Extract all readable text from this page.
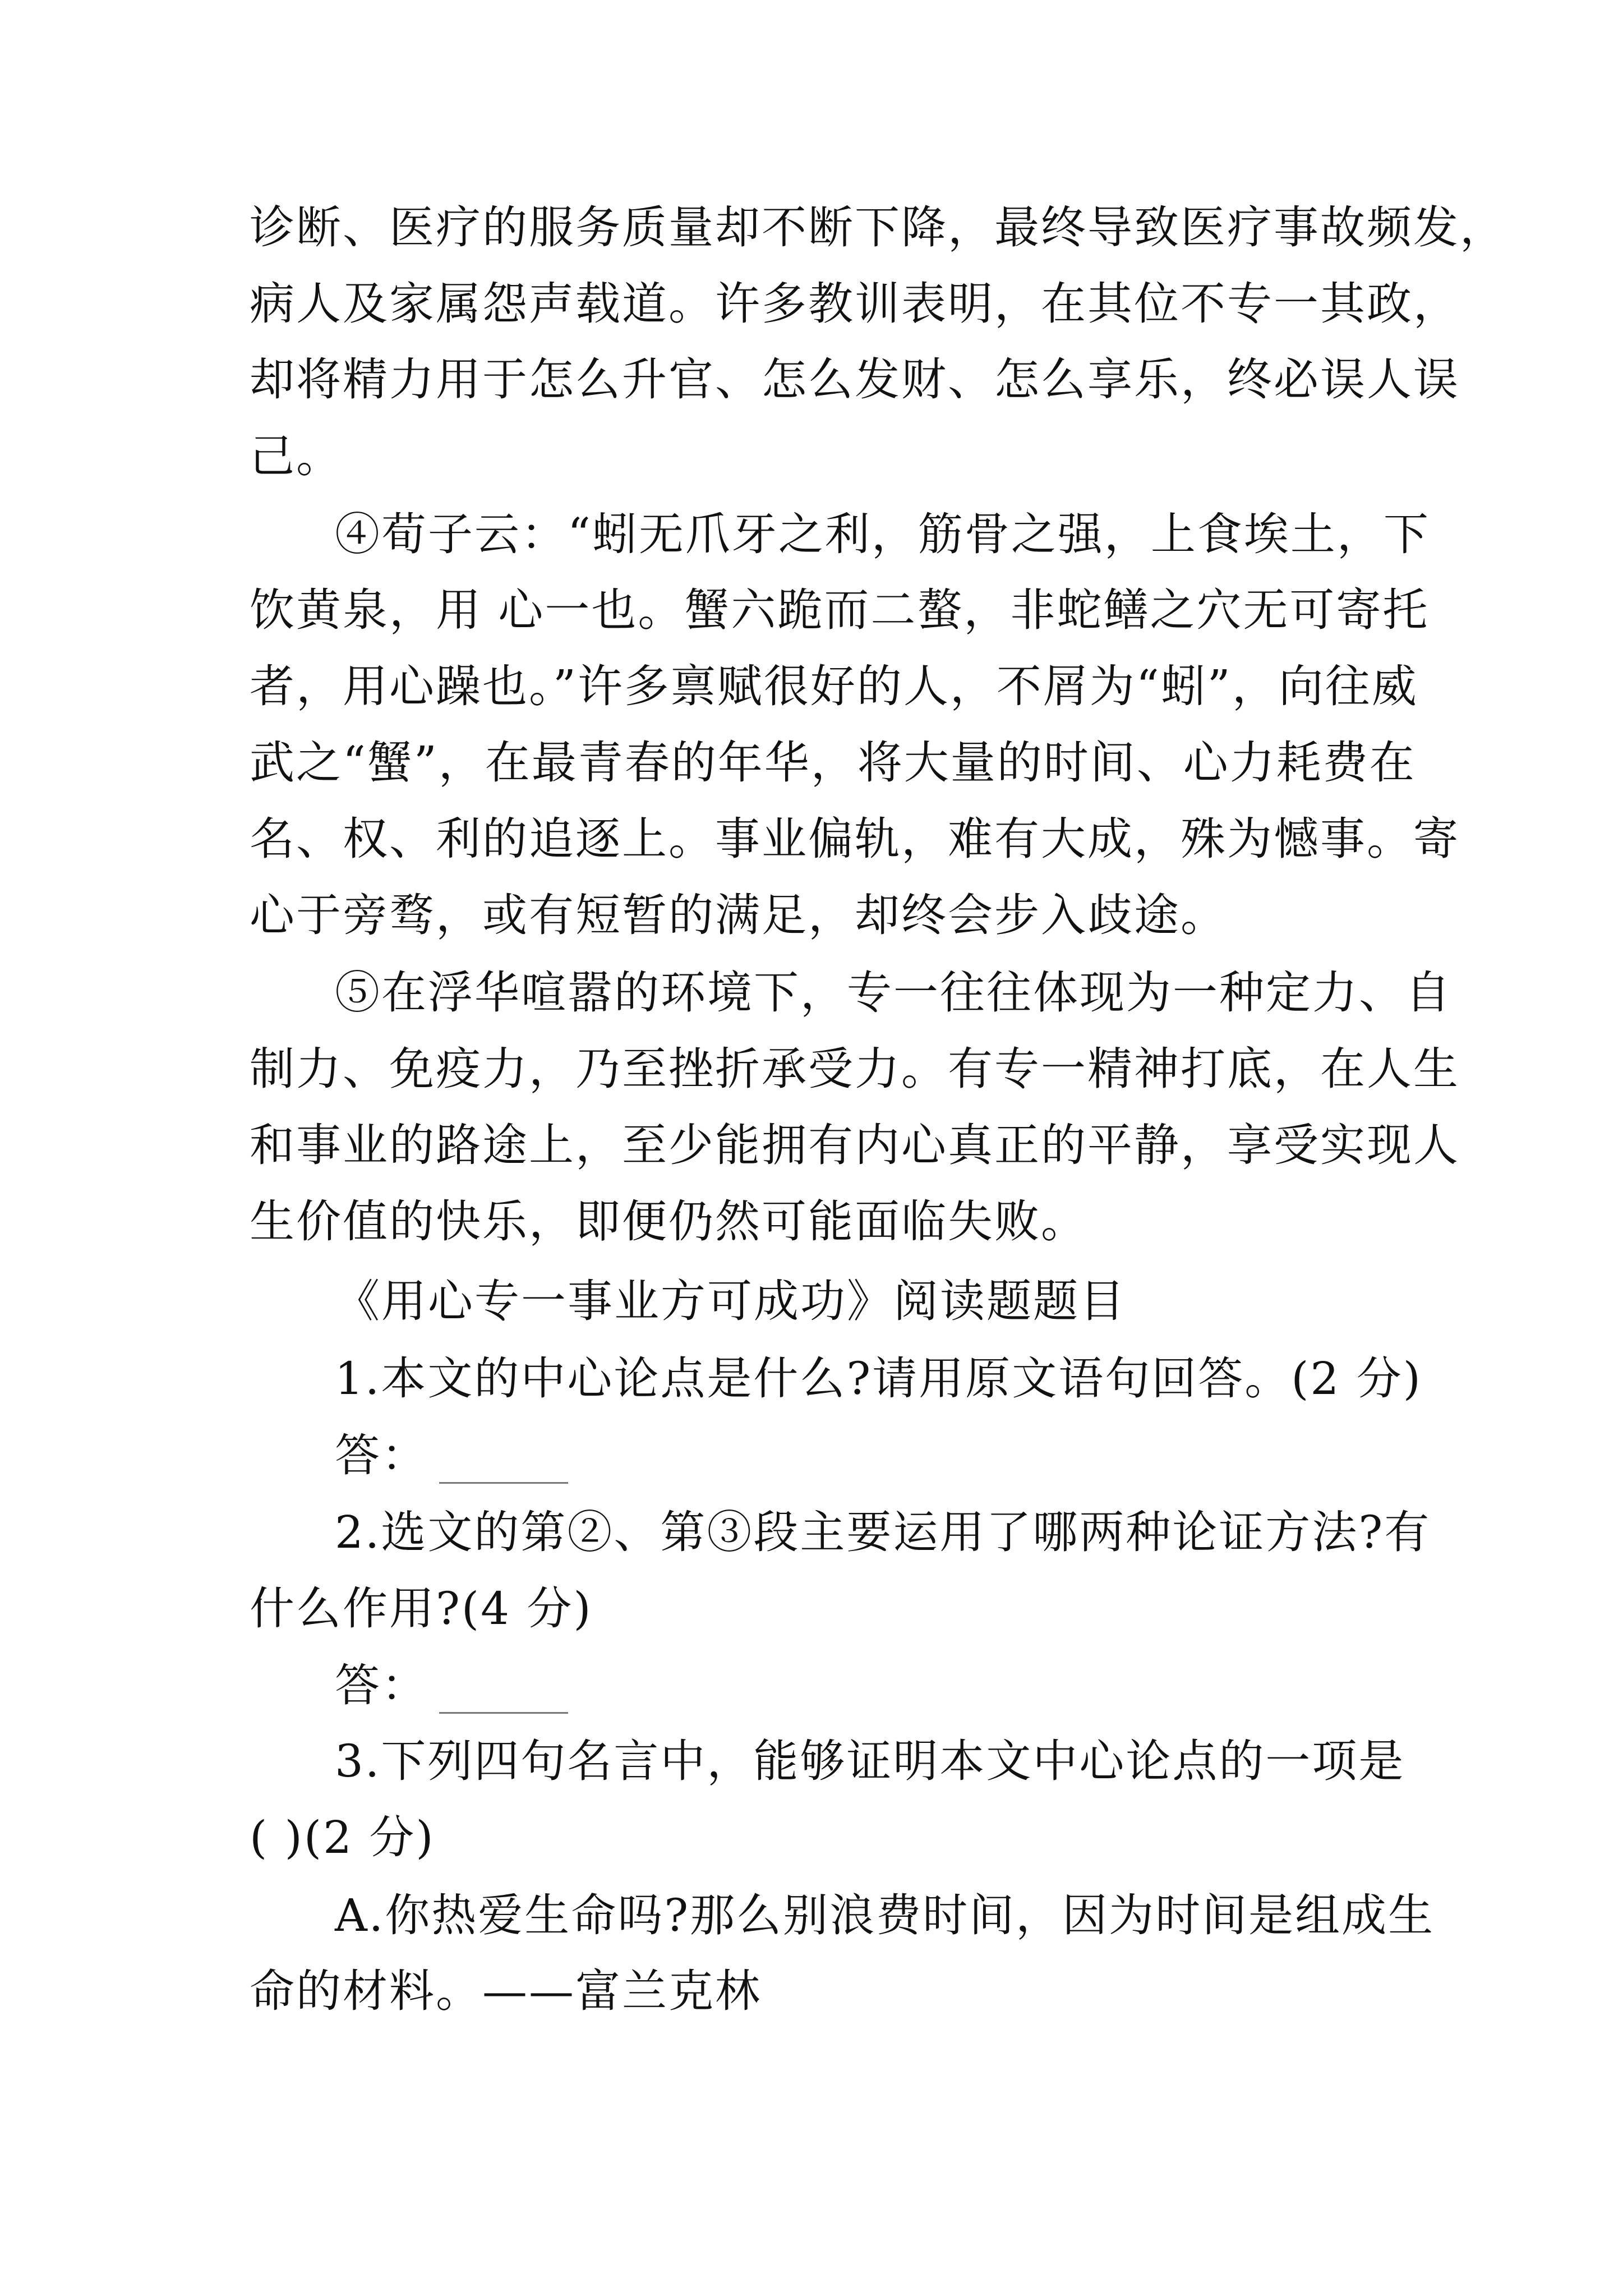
诊断、医疗的服务质量却不断下降，最终导致医疗事故频发，
病人及家属怨声载道。许多教训表明，在其位不专一其政，
却将精力用于怎么升官、怎么发财、怎么享乐，终必误人误
己。
④荀子云：“蚓无爪牙之利，筋骨之强，上食埃土，下
饮黄泉，用 心一也。蟹六跪而二螯，非蛇鳝之穴无可寄托
者，用心躁也。”许多禀赋很好的人，不屑为“蚓”，向往威
武之“蟹”，在最青春的年华，将大量的时间、心力耗费在
名、权、利的追逐上。事业偏轨，难有大成，殊为憾事。寄
心于旁骛，或有短暂的满足，却终会步入歧途。
⑤在浮华喧嚣的环境下，专一往往体现为一种定力、自
制力、免疫力，乃至挫折承受力。有专一精神打底，在人生
和事业的路途上，至少能拥有内心真正的平静，享受实现人
生价值的快乐，即便仍然可能面临失败。
《用心专一事业方可成功》阅读题题目
1.本文的中心论点是什么?请用原文语句回答。(2 分)
答：
2.选文的第②、第③段主要运用了哪两种论证方法?有
什么作用?(4 分)
答：
3.下列四句名言中，能够证明本文中心论点的一项是
( )(2 分)
A.你热爱生命吗?那么别浪费时间，因为时间是组成生
命的材料。——富兰克林
